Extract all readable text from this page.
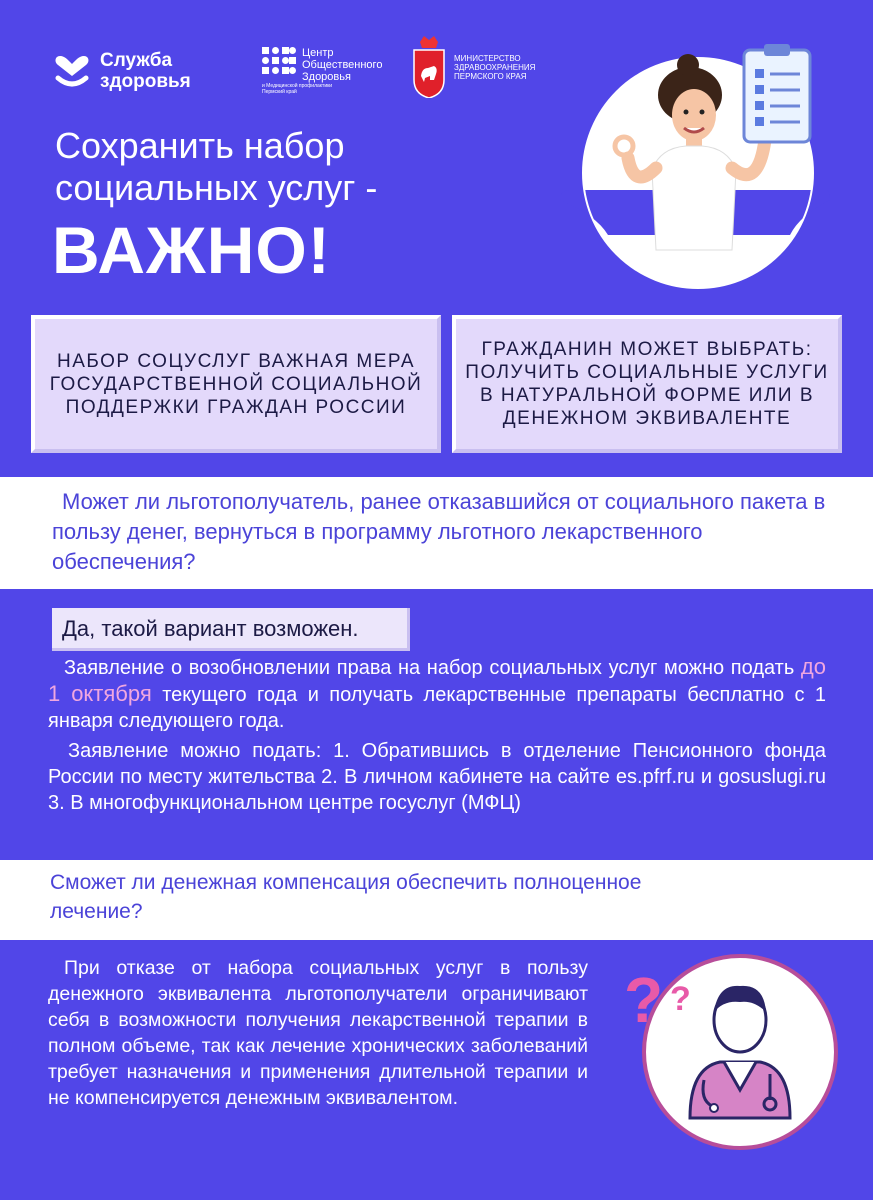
Служба
здоровья
Центр
Общественного
Здоровья
и Медицинской профилактики
Пермский край
МИНИСТЕРСТВО
ЗДРАВООХРАНЕНИЯ
ПЕРМСКОГО КРАЯ
Сохранить набор
социальных услуг -
ВАЖНО!
НАБОР СОЦУСЛУГ ВАЖНАЯ МЕРА ГОСУДАРСТВЕННОЙ СОЦИАЛЬНОЙ ПОДДЕРЖКИ ГРАЖДАН РОССИИ
ГРАЖДАНИН МОЖЕТ ВЫБРАТЬ: ПОЛУЧИТЬ СОЦИАЛЬНЫЕ УСЛУГИ В НАТУРАЛЬНОЙ ФОРМЕ ИЛИ В ДЕНЕЖНОМ ЭКВИВАЛЕНТЕ

Может ли льготополучатель, ранее отказавшийся от социального пакета в пользу денег, вернуться в программу льготного лекарственного обеспечения?

Да, такой вариант возможен.
Заявление о возобновлении права на набор социальных услуг можно подать до 1 октября текущего года и получать лекарственные препараты бесплатно с 1 января следующего года.
Заявление можно подать: 1. Обратившись в отделение Пенсионного фонда России по месту жительства 2. В личном кабинете на сайте es.pfrf.ru и gosuslugi.ru 3. В многофункциональном центре госуслуг (МФЦ)

Сможет ли денежная компенсация обеспечить полноценное лечение?

При отказе от набора социальных услуг в пользу денежного эквивалента льготополучатели ограничивают себя в возможности получения лекарственной терапии в полном объеме, так как лечение хронических заболеваний требует назначения и применения длительной терапии и не компенсируется денежным эквивалентом.
? ?
